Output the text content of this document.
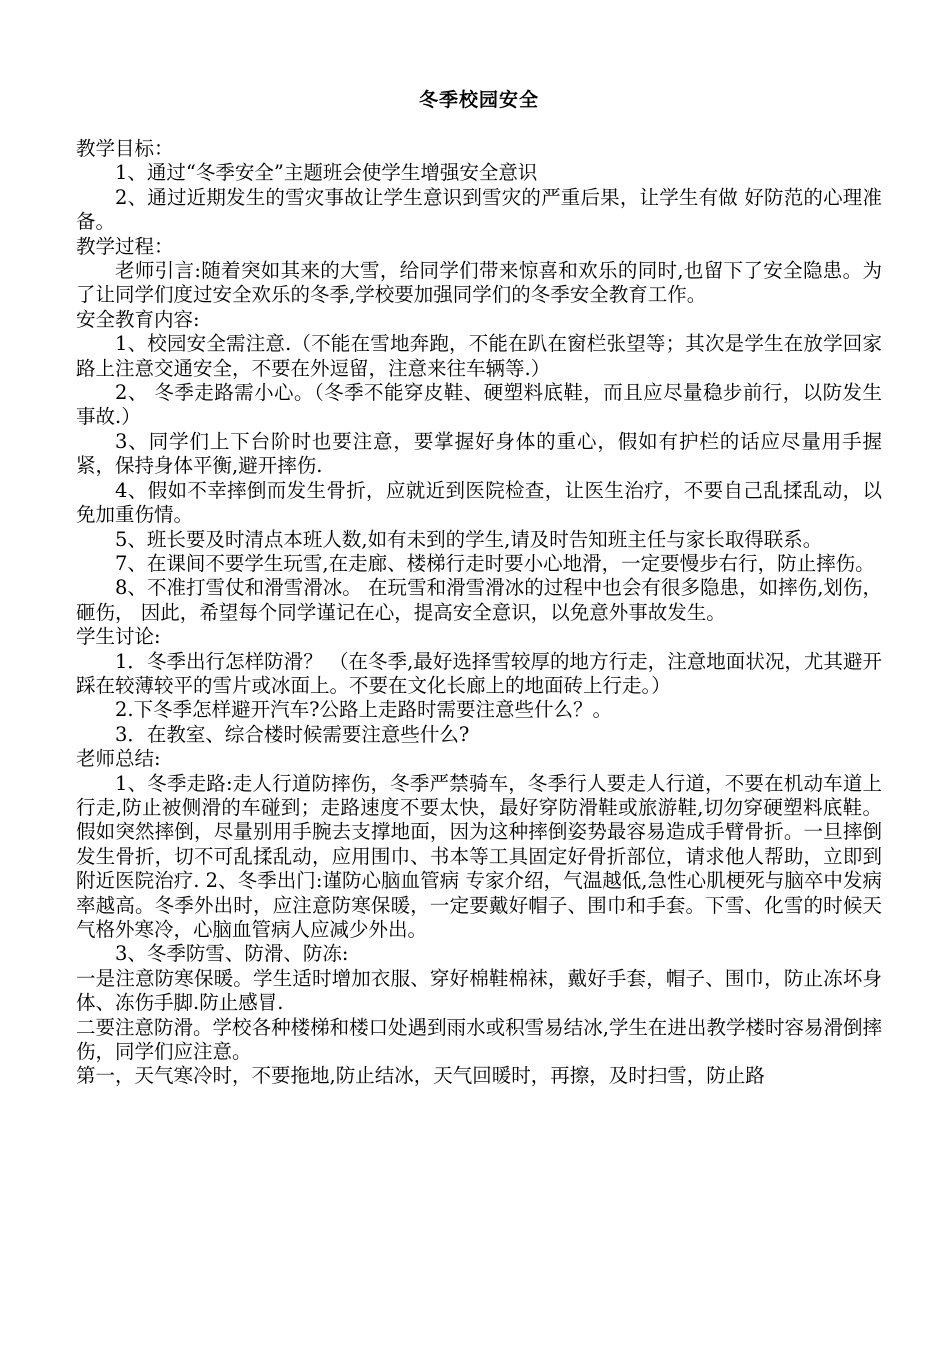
冬季校园安全

教学目标：

1、通过“冬季安全”主题班会使学生增强安全意识

2、通过近期发生的雪灾事故让学生意识到雪灾的严重后果，让学生有做 好防范的心理准备。

教学过程：

老师引言:随着突如其来的大雪，给同学们带来惊喜和欢乐的同时,也留下了安全隐患。为了让同学们度过安全欢乐的冬季,学校要加强同学们的冬季安全教育工作。

安全教育内容:

1、校园安全需注意.（不能在雪地奔跑，不能在趴在窗栏张望等；其次是学生在放学回家路上注意交通安全，不要在外逗留，注意来往车辆等.）

2、 冬季走路需小心。（冬季不能穿皮鞋、硬塑料底鞋，而且应尽量稳步前行，以防发生事故.）

3、同学们上下台阶时也要注意，要掌握好身体的重心，假如有护栏的话应尽量用手握紧，保持身体平衡,避开摔伤.

4、假如不幸摔倒而发生骨折，应就近到医院检查，让医生治疗，不要自己乱揉乱动，以免加重伤情。

5、班长要及时清点本班人数,如有未到的学生,请及时告知班主任与家长取得联系。

7、在课间不要学生玩雪,在走廊、楼梯行走时要小心地滑，一定要慢步右行，防止摔伤。

8、不准打雪仗和滑雪滑冰。 在玩雪和滑雪滑冰的过程中也会有很多隐患，如摔伤,划伤，砸伤， 因此，希望每个同学谨记在心，提高安全意识，以免意外事故发生。

学生讨论:

1．冬季出行怎样防滑？ （在冬季,最好选择雪较厚的地方行走，注意地面状况，尤其避开踩在较薄较平的雪片或冰面上。不要在文化长廊上的地面砖上行走。）

2.下冬季怎样避开汽车?公路上走路时需要注意些什么？。

3．在教室、综合楼时候需要注意些什么?

老师总结:

1、冬季走路:走人行道防摔伤，冬季严禁骑车，冬季行人要走人行道，不要在机动车道上行走,防止被侧滑的车碰到；走路速度不要太快，最好穿防滑鞋或旅游鞋,切勿穿硬塑料底鞋。假如突然摔倒，尽量别用手腕去支撑地面，因为这种摔倒姿势最容易造成手臂骨折。一旦摔倒发生骨折，切不可乱揉乱动，应用围巾、书本等工具固定好骨折部位，请求他人帮助，立即到附近医院治疗. 2、冬季出门:谨防心脑血管病 专家介绍，气温越低,急性心肌梗死与脑卒中发病率越高。冬季外出时，应注意防寒保暖，一定要戴好帽子、围巾和手套。下雪、化雪的时候天气格外寒冷，心脑血管病人应减少外出。

3、冬季防雪、防滑、防冻:

一是注意防寒保暖。学生适时增加衣服、穿好棉鞋棉袜，戴好手套，帽子、围巾，防止冻坏身体、冻伤手脚.防止感冒.

二要注意防滑。学校各种楼梯和楼口处遇到雨水或积雪易结冰,学生在进出教学楼时容易滑倒摔伤，同学们应注意。

第一，天气寒冷时，不要拖地,防止结冰，天气回暖时，再擦，及时扫雪，防止路
